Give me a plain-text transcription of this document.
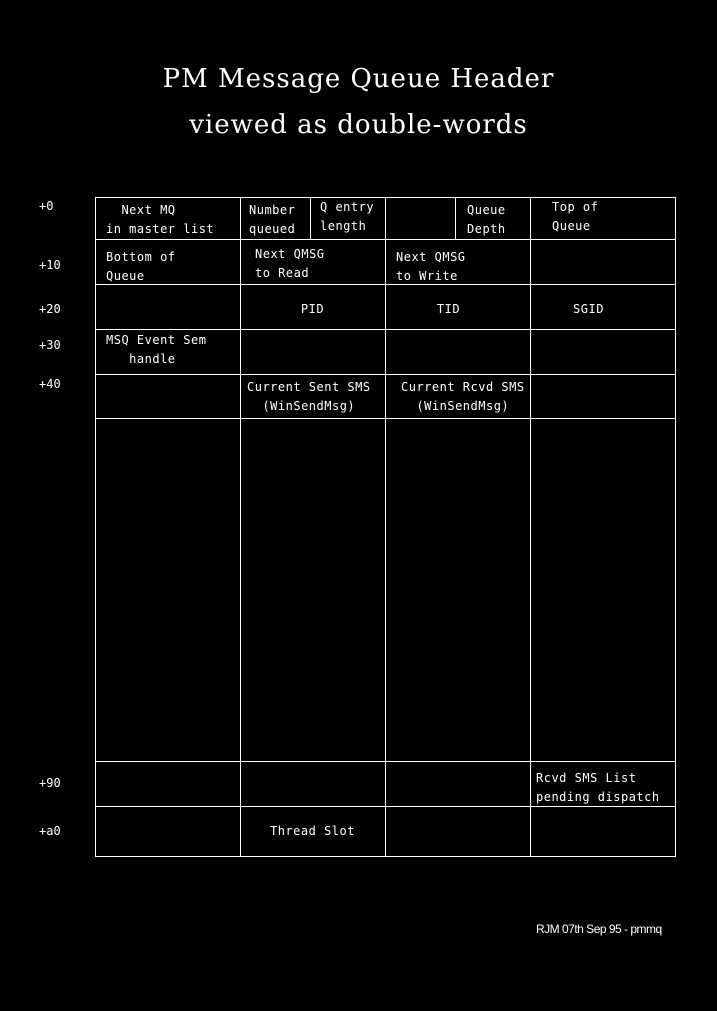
PM Message Queue Header
viewed as double-words
+0
+10
+20
+30
+40
+90
+a0
Next MQ
in master list
Number
queued
Q entry
length
Queue
Depth
Top of
Queue
Bottom of
Queue
Next QMSG
to Read
Next QMSG
to Write
PID	TID	SGID
MSQ Event Sem
handle
Current Sent SMS
(WinSendMsg)
Current Rcvd SMS
(WinSendMsg)
Rcvd SMS List
pending dispatch
Thread Slot
RJM 07th Sep 95 - pmmq
